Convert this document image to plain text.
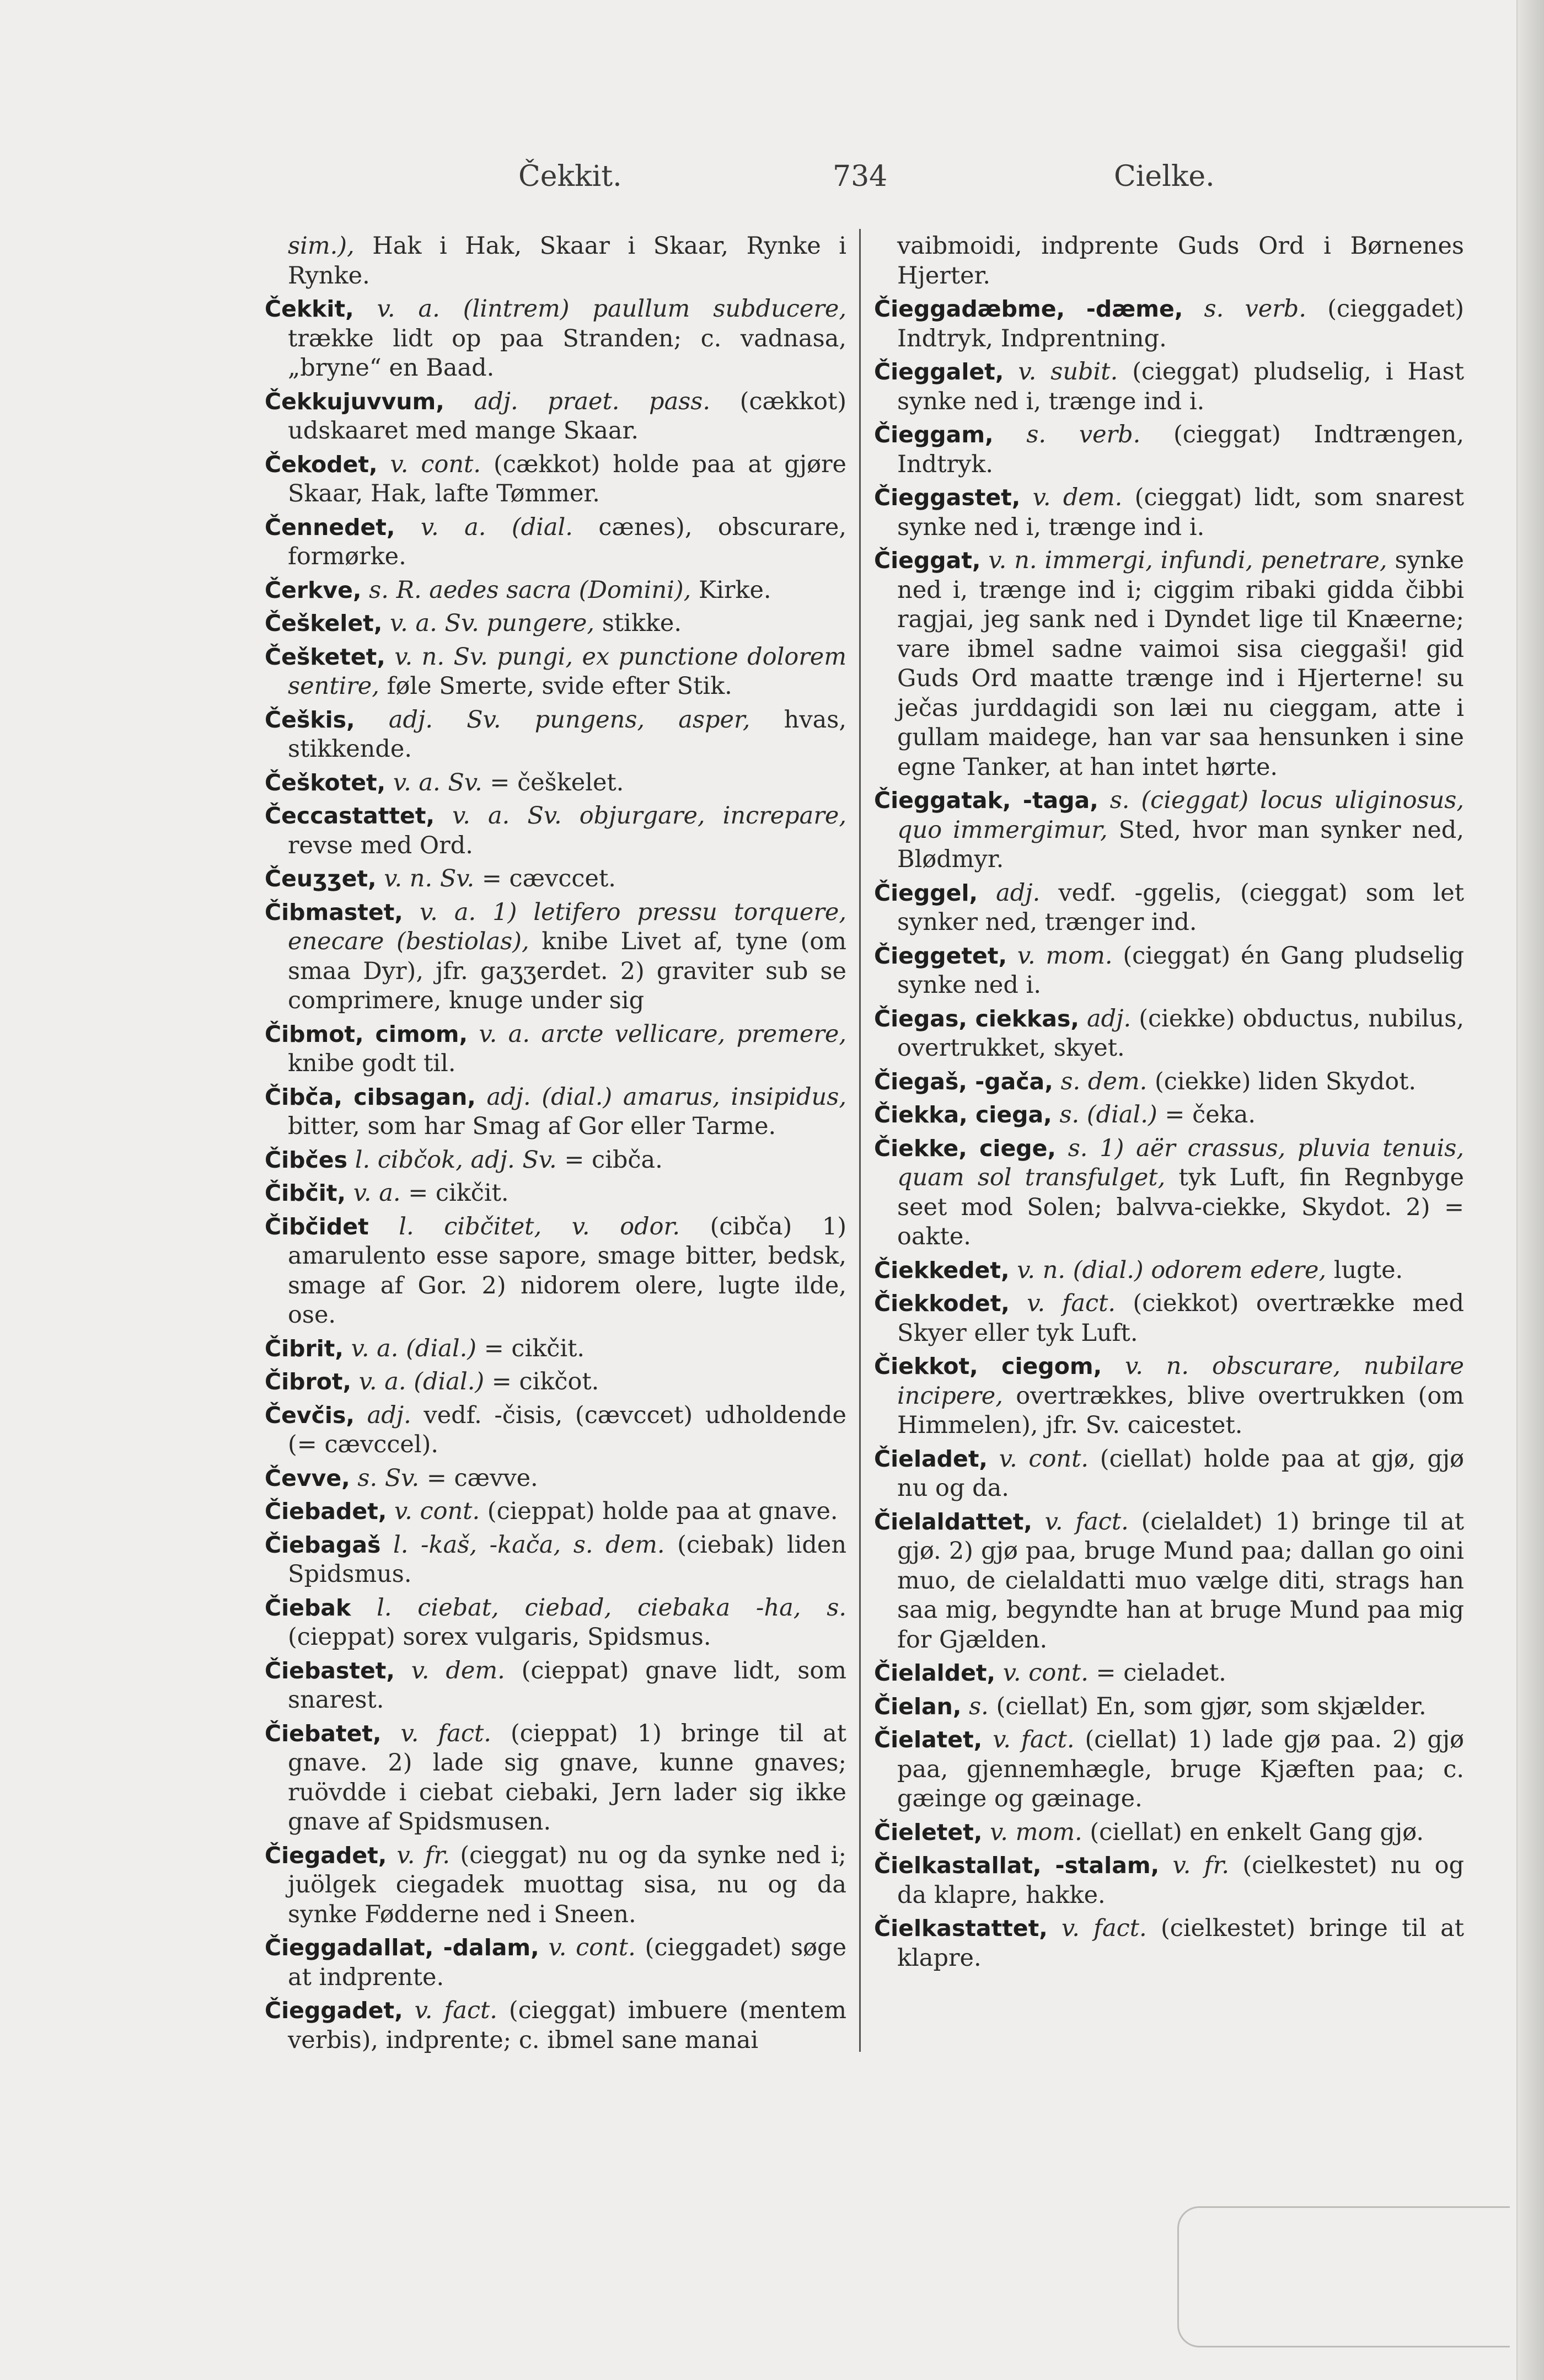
Čekkit.	734	Cielke.

sim.), Hak i Hak, Skaar i Skaar, Rynke i Rynke.

Čekkit, v. a. (lintrem) paullum subducere, trække lidt op paa Stranden; c. vadnasa, „bryne“ en Baad.

Čekkujuvvum, adj. praet. pass. (cækkot) udskaaret med mange Skaar.

Čekodet, v. cont. (cækkot) holde paa at gjøre Skaar, Hak, lafte Tømmer.

Čennedet, v. a. (dial. cænes), obscurare, formørke.

Čerkve, s. R. aedes sacra (Domini), Kirke.

Češkelet, v. a. Sv. pungere, stikke.

Češketet, v. n. Sv. pungi, ex punctione dolorem sentire, føle Smerte, svide efter Stik.

Češkis, adj. Sv. pungens, asper, hvas, stikkende.

Češkotet, v. a. Sv. = češkelet.

Čeccastattet, v. a. Sv. objurgare, increpare, revse med Ord.

Čeuʒʒet, v. n. Sv. = cævccet.

Čibmastet, v. a. 1) letifero pressu torquere, enecare (bestiolas), knibe Livet af, tyne (om smaa Dyr), jfr. gaʒʒerdet. 2) graviter sub se comprimere, knuge under sig

Čibmot, cimom, v. a. arcte vellicare, premere, knibe godt til.

Čibča, cibsagan, adj. (dial.) amarus, insipidus, bitter, som har Smag af Gor eller Tarme.

Čibčes l. cibčok, adj. Sv. = cibča.

Čibčit, v. a. = cikčit.

Čibčidet l. cibčitet, v. odor. (cibča) 1) amarulento esse sapore, smage bitter, bedsk, smage af Gor. 2) nidorem olere, lugte ilde, ose.

Čibrit, v. a. (dial.) = cikčit.

Čibrot, v. a. (dial.) = cikčot.

Čevčis, adj. vedf. -čisis, (cævccet) udholdende (= cævccel).

Čevve, s. Sv. = cævve.

Čiebadet, v. cont. (cieppat) holde paa at gnave.

Čiebagaš l. -kaš, -kača, s. dem. (ciebak) liden Spidsmus.

Čiebak l. ciebat, ciebad, ciebaka -ha, s. (cieppat) sorex vulgaris, Spidsmus.

Čiebastet, v. dem. (cieppat) gnave lidt, som snarest.

Čiebatet, v. fact. (cieppat) 1) bringe til at gnave. 2) lade sig gnave, kunne gnaves; ruövdde i ciebat ciebaki, Jern lader sig ikke gnave af Spidsmusen.

Čiegadet, v. fr. (cieggat) nu og da synke ned i; juölgek ciegadek muottag sisa, nu og da synke Fødderne ned i Sneen.

Čieggadallat, -dalam, v. cont. (cieggadet) søge at indprente.

Čieggadet, v. fact. (cieggat) imbuere (mentem verbis), indprente; c. ibmel sane manai

vaibmoidi, indprente Guds Ord i Børnenes Hjerter.

Čieggadæbme, -dæme, s. verb. (cieggadet) Indtryk, Indprentning.

Čieggalet, v. subit. (cieggat) pludselig, i Hast synke ned i, trænge ind i.

Čieggam, s. verb. (cieggat) Indtrængen, Indtryk.

Čieggastet, v. dem. (cieggat) lidt, som snarest synke ned i, trænge ind i.

Čieggat, v. n. immergi, infundi, penetrare, synke ned i, trænge ind i; ciggim ribaki gidda čibbi ragjai, jeg sank ned i Dyndet lige til Knæerne; vare ibmel sadne vaimoi sisa cieggaši! gid Guds Ord maatte trænge ind i Hjerterne! su ječas jurddagidi son læi nu cieggam, atte i gullam maidege, han var saa hensunken i sine egne Tanker, at han intet hørte.

Čieggatak, -taga, s. (cieggat) locus uliginosus, quo immergimur, Sted, hvor man synker ned, Blødmyr.

Čieggel, adj. vedf. -ggelis, (cieggat) som let synker ned, trænger ind.

Čieggetet, v. mom. (cieggat) én Gang pludselig synke ned i.

Čiegas, ciekkas, adj. (ciekke) obductus, nubilus, overtrukket, skyet.

Čiegaš, -gača, s. dem. (ciekke) liden Skydot.

Čiekka, ciega, s. (dial.) = čeka.

Čiekke, ciege, s. 1) aër crassus, pluvia tenuis, quam sol transfulget, tyk Luft, fin Regnbyge seet mod Solen; balvva-ciekke, Skydot. 2) = oakte.

Čiekkedet, v. n. (dial.) odorem edere, lugte.

Čiekkodet, v. fact. (ciekkot) overtrække med Skyer eller tyk Luft.

Čiekkot, ciegom, v. n. obscurare, nubilare incipere, overtrækkes, blive overtrukken (om Himmelen), jfr. Sv. caicestet.

Čieladet, v. cont. (ciellat) holde paa at gjø, gjø nu og da.

Čielaldattet, v. fact. (cielaldet) 1) bringe til at gjø. 2) gjø paa, bruge Mund paa; dallan go oini muo, de cielaldatti muo vælge diti, strags han saa mig, begyndte han at bruge Mund paa mig for Gjælden.

Čielaldet, v. cont. = cieladet.

Čielan, s. (ciellat) En, som gjør, som skjælder.

Čielatet, v. fact. (ciellat) 1) lade gjø paa. 2) gjø paa, gjennemhægle, bruge Kjæften paa; c. gæinge og gæinage.

Čieletet, v. mom. (ciellat) en enkelt Gang gjø.

Čielkastallat, -stalam, v. fr. (cielkestet) nu og da klapre, hakke.

Čielkastattet, v. fact. (cielkestet) bringe til at klapre.
